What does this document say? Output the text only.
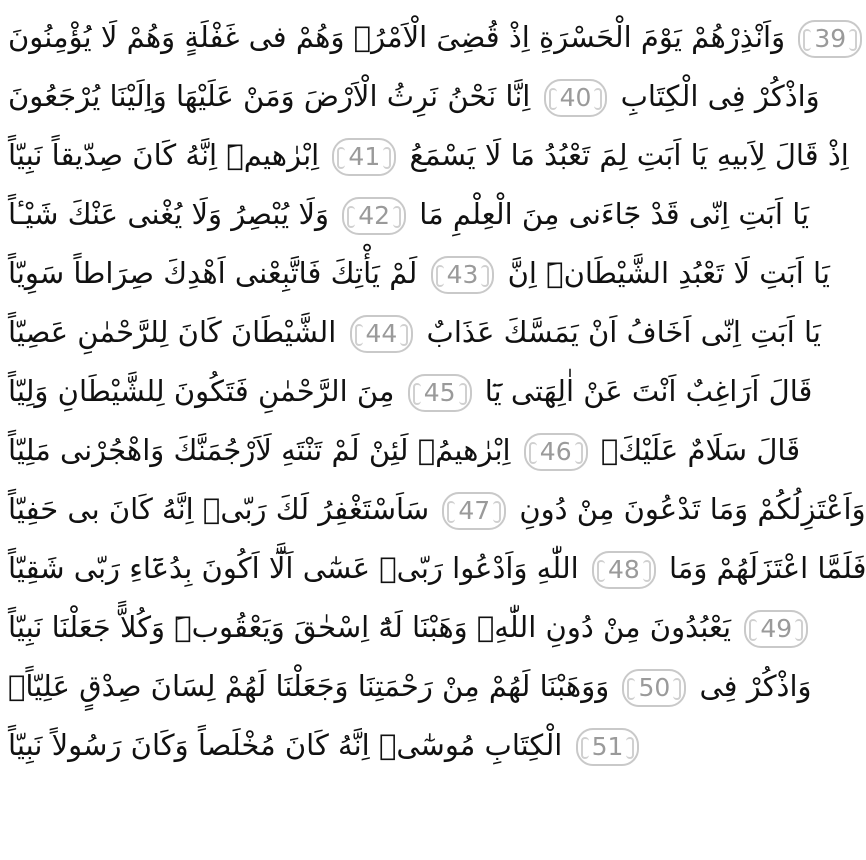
وَاَنْذِرْهُمْ يَوْمَ الْحَسْرَةِ اِذْ قُضِىَ الْاَمْرُۢ وَهُمْ فى غَفْلَةٍ وَهُمْ لَا يُؤْمِنُونَ 39
اِنَّا نَحْنُ نَرِثُ الْاَرْضَ وَمَنْ عَلَيْهَا وَاِلَيْنَا يُرْجَعُونَ 40 وَاذْكُرْ فِى الْكِتَابِ
اِبْرٰهيمَۜ اِنَّهُ كَانَ صِدّيقاً نَبِيّاً 41 اِذْ قَالَ لِاَبيهِ يَا اَبَتِ لِمَ تَعْبُدُ مَا لَا يَسْمَعُ
وَلَا يُبْصِرُ وَلَا يُغْنى عَنْكَ شَيْـٔاً 42 يَا اَبَتِ اِنّى قَدْ جَٓاءَنى مِنَ الْعِلْمِ مَا
لَمْ يَأْتِكَ فَاتَّبِعْنى اَهْدِكَ صِرَاطاً سَوِيّاً 43 يَا اَبَتِ لَا تَعْبُدِ الشَّيْطَانَۜ اِنَّ
الشَّيْطَانَ كَانَ لِلرَّحْمٰنِ عَصِيّاً 44 يَا اَبَتِ اِنّى اَخَافُ اَنْ يَمَسَّكَ عَذَابٌ
مِنَ الرَّحْمٰنِ فَتَكُونَ لِلشَّيْطَانِ وَلِيّاً 45 قَالَ اَرَاغِبٌ اَنْتَ عَنْ اٰلِهَتى يَٓا
اِبْرٰهيمُۚ لَئِنْ لَمْ تَنْتَهِ لَاَرْجُمَنَّكَ وَاهْجُرْنى مَلِيّاً 46 قَالَ سَلَامٌ عَلَيْكَۚ
سَاَسْتَغْفِرُ لَكَ رَبّىۜ اِنَّهُ كَانَ بى حَفِيّاً 47 وَاَعْتَزِلُكُمْ وَمَا تَدْعُونَ مِنْ دُونِ
اللّٰهِ وَاَدْعُوا رَبّىۘ عَسٰٓى اَلَّٓا اَكُونَ بِدُعَٓاءِ رَبّى شَقِيّاً 48 فَلَمَّا اعْتَزَلَهُمْ وَمَا
يَعْبُدُونَ مِنْ دُونِ اللّٰهِۙ وَهَبْنَا لَهُٓ اِسْحٰقَ وَيَعْقُوبَۜ وَكُلاًّ جَعَلْنَا نَبِيّاً 49
وَوَهَبْنَا لَهُمْ مِنْ رَحْمَتِنَا وَجَعَلْنَا لَهُمْ لِسَانَ صِدْقٍ عَلِيّاًۚ 50 وَاذْكُرْ فِى
الْكِتَابِ مُوسٰٓىۘ اِنَّهُ كَانَ مُخْلَصاً وَكَانَ رَسُولاً نَبِيّاً 51
